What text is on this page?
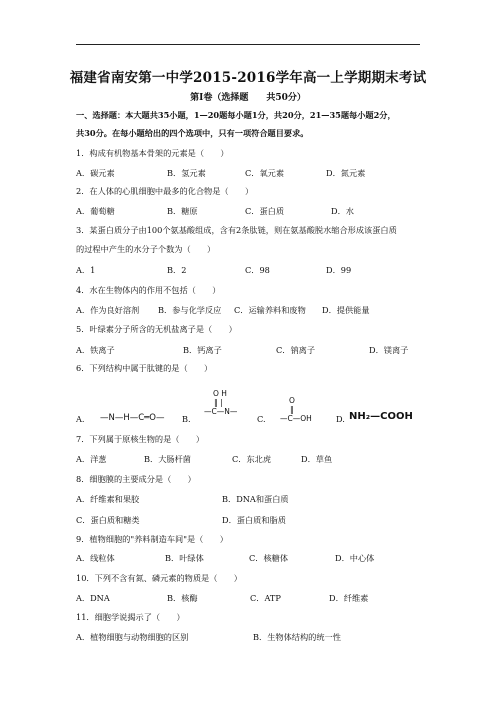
福建省南安第一中学2015-2016学年高一上学期期末考试
第Ⅰ卷（选择题　　共50分）
一、选择题：本大题共35小题，1—20题每小题1分，共20分，21—35题每小题2分，
共30分。在每小题给出的四个选项中，只有一项符合题目要求。
1．构成有机物基本骨架的元素是（　　）
A．碳元素	B．氢元素	C．氧元素	D．氮元素
2．在人体的心肌细胞中最多的化合物是（　　）
A．葡萄糖	B．糖原	C．蛋白质	D．水
3．某蛋白质分子由100个氨基酸组成，含有2条肽链，则在氨基酸脱水缩合形成该蛋白质
的过程中产生的水分子个数为（　　）
A．1	B．2	C．98	D．99
4．水在生物体内的作用不包括（　　）
A．作为良好溶剂 B．参与化学反应 C．运输养料和废物 D．提供能量
5．叶绿素分子所含的无机盐离子是（　　）
A．铁离子	B．钙离子	C．钠离子	D．镁离子
6．下列结构中属于肽键的是（　　）
A. —N—H—C═O— B.
O H
‖ |
—C—N—
C.
O
‖
—C—OH	D. NH₂—COOH
7．下列属于原核生物的是（　　）
A．洋葱	B．大肠杆菌	C．东北虎	D．草鱼
8．细胞膜的主要成分是（　　）
A．纤维素和果胶	B．DNA和蛋白质
C．蛋白质和糖类	D．蛋白质和脂质
9．植物细胞的"养料制造车间"是（　　）
A．线粒体	B．叶绿体	C．核糖体	D．中心体
10．下列不含有氮、磷元素的物质是（　　）
A．DNA	B．核酶	C．ATP	D．纤维素
11．细胞学说揭示了（　　）
A．植物细胞与动物细胞的区别	B．生物体结构的统一性
